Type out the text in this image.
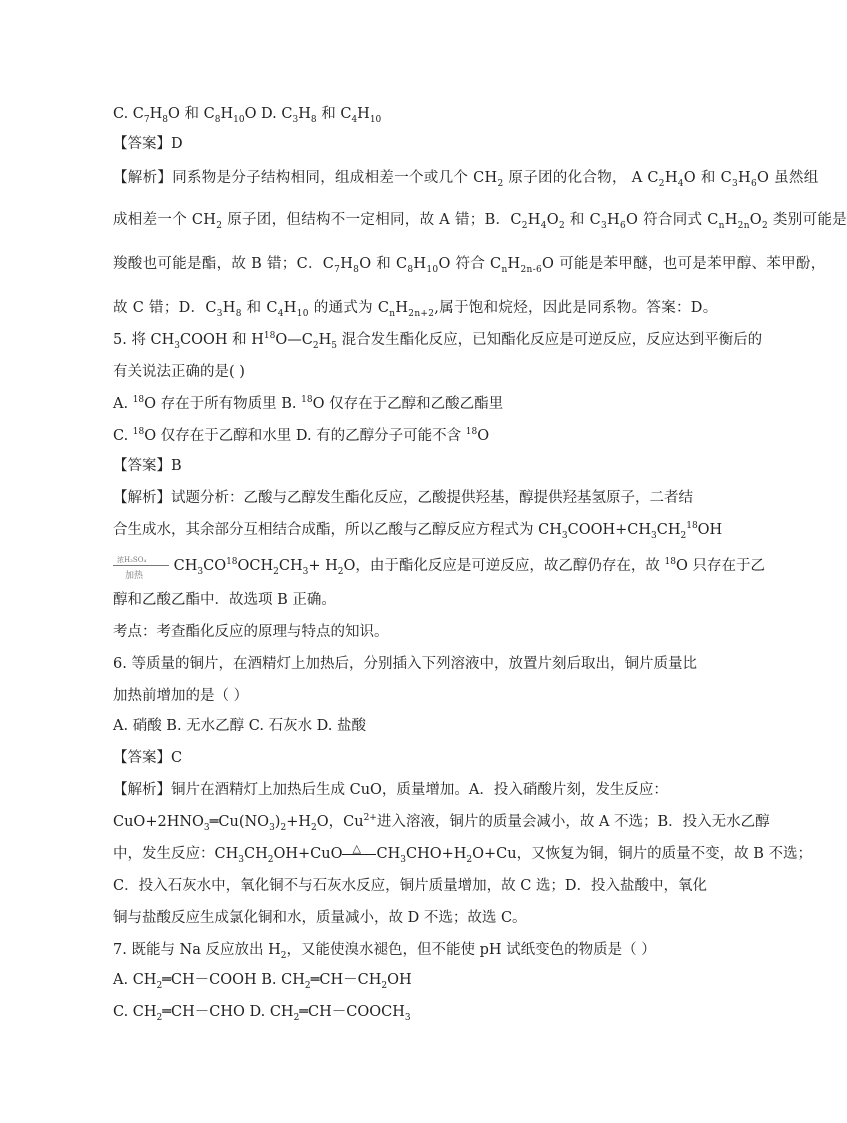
C. $C_7H_8O$ 和 $C_8H_{10}O$ D. $C_3H_8$ 和 $C_4H_{10}$
【答案】D
【解析】同系物是分子结构相同，组成相差一个或几个 $CH_2$ 原子团的化合物， A $C_2H_4O$ 和 $C_3H_6O$ 虽然组
成相差一个 $CH_2$ 原子团，但结构不一定相同，故 A 错；B．$C_2H_4O_2$ 和 $C_3H_6O$ 符合同式 $C_nH_{2n}O_2$ 类别可能是
羧酸也可能是酯，故 B 错；C．$C_7H_8O$ 和 $C_8H_{10}O$ 符合 $C_nH_{2n-6}O$ 可能是苯甲醚，也可是苯甲醇、苯甲酚，
故 C 错；D．$C_3H_8$ 和 $C_4H_{10}$ 的通式为 $C_nH_{2n+2}$,属于饱和烷烃，因此是同系物。答案：D。
5. 将 $CH_3COOH$ 和 $H^{18}O—C_2H_5$ 混合发生酯化反应，已知酯化反应是可逆反应，反应达到平衡后的
有关说法正确的是( )
A. $^{18}$O 存在于所有物质里 B. $^{18}$O 仅存在于乙醇和乙酸乙酯里
C. $^{18}$O 仅存在于乙醇和水里 D. 有的乙醇分子可能不含 $^{18}$O
【答案】B
【解析】试题分析：乙酸与乙醇发生酯化反应，乙酸提供羟基，醇提供羟基氢原子，二者结
合生成水，其余部分互相结合成酯，所以乙酸与乙醇反应方程式为 $CH_3COOH+CH_3CH_2^{18}OH$
浓H₂SO₄
加热
$CH_3CO^{18}OCH_2CH_3+ H_2O$，由于酯化反应是可逆反应，故乙醇仍存在，故 $^{18}$O 只存在于乙
醇和乙酸乙酯中．故选项 B 正确。
考点：考查酯化反应的原理与特点的知识。
6. 等质量的铜片，在酒精灯上加热后，分别插入下列溶液中，放置片刻后取出，铜片质量比
加热前增加的是（ ）
A. 硝酸 B. 无水乙醇 C. 石灰水 D. 盐酸
【答案】C
【解析】铜片在酒精灯上加热后生成 CuO，质量增加。A．投入硝酸片刻，发生反应：
$CuO+2HNO_3═Cu(NO_3)_2+H_2O$，$Cu^{2+}$进入溶液，铜片的质量会减小，故 A 不选；B．投入无水乙醇
中，发生反应：$CH_3CH_2OH+CuO$ △ $CH_3CHO+H_2O+Cu$，又恢复为铜，铜片的质量不变，故 B 不选；
C．投入石灰水中，氧化铜不与石灰水反应，铜片质量增加，故 C 选；D．投入盐酸中，氧化
铜与盐酸反应生成氯化铜和水，质量减小，故 D 不选；故选 C。
7. 既能与 Na 反应放出 $H_2$，又能使溴水褪色，但不能使 pH 试纸变色的物质是（ ）
A. $CH_2═CH-COOH$ B. $CH_2═CH-CH_2OH$
C. $CH_2═CH-CHO$ D. $CH_2═CH-COOCH_3$
